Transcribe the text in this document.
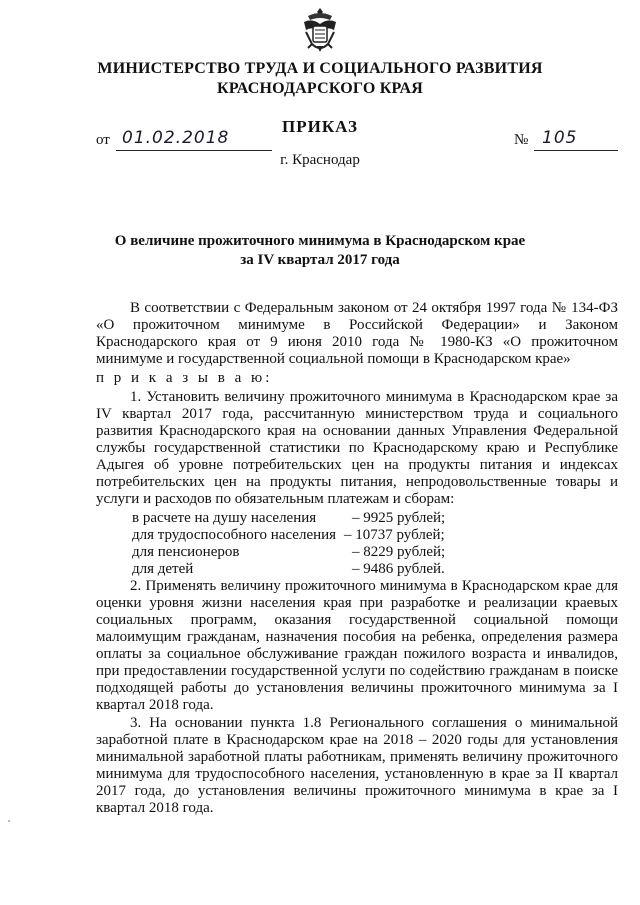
МИНИСТЕРСТВО ТРУДА И СОЦИАЛЬНОГО РАЗВИТИЯ
КРАСНОДАРСКОГО КРАЯ
ПРИКАЗ
от 01.02.2018	№ 105
г. Краснодар
О величине прожиточного минимума в Краснодарском крае
за IV квартал 2017 года
В соответствии с Федеральным законом от 24 октября 1997 года № 134-ФЗ «О прожиточном минимуме в Российской Федерации» и Законом Краснодарского края от 9 июня 2010 года № 1980-КЗ «О прожиточном минимуме и государственной социальной помощи в Краснодарском крае»
п р и к а з ы в а ю:
1. Установить величину прожиточного минимума в Краснодарском крае за IV квартал 2017 года, рассчитанную министерством труда и социального развития Краснодарского края на основании данных Управления Федеральной службы государственной статистики по Краснодарскому краю и Республике Адыгея об уровне потребительских цен на продукты питания и индексах потребительских цен на продукты питания, непродовольственные товары и услуги и расходов по обязательным платежам и сборам:
в расчете на душу населения – 9925 рублей;
для трудоспособного населения – 10737 рублей;
для пенсионеров	– 8229 рублей;
для детей	– 9486 рублей.
2. Применять величину прожиточного минимума в Краснодарском крае для оценки уровня жизни населения края при разработке и реализации краевых социальных программ, оказания государственной социальной помощи малоимущим гражданам, назначения пособия на ребенка, определения размера оплаты за социальное обслуживание граждан пожилого возраста и инвалидов, при предоставлении государственной услуги по содействию гражданам в поиске подходящей работы до установления величины прожиточного минимума за I квартал 2018 года.
3. На основании пункта 1.8 Регионального соглашения о минимальной заработной плате в Краснодарском крае на 2018 – 2020 годы для установления минимальной заработной платы работникам, применять величину прожиточного минимума для трудоспособного населения, установленную в крае за II квартал 2017 года, до установления величины прожиточного минимума в крае за I квартал 2018 года.
